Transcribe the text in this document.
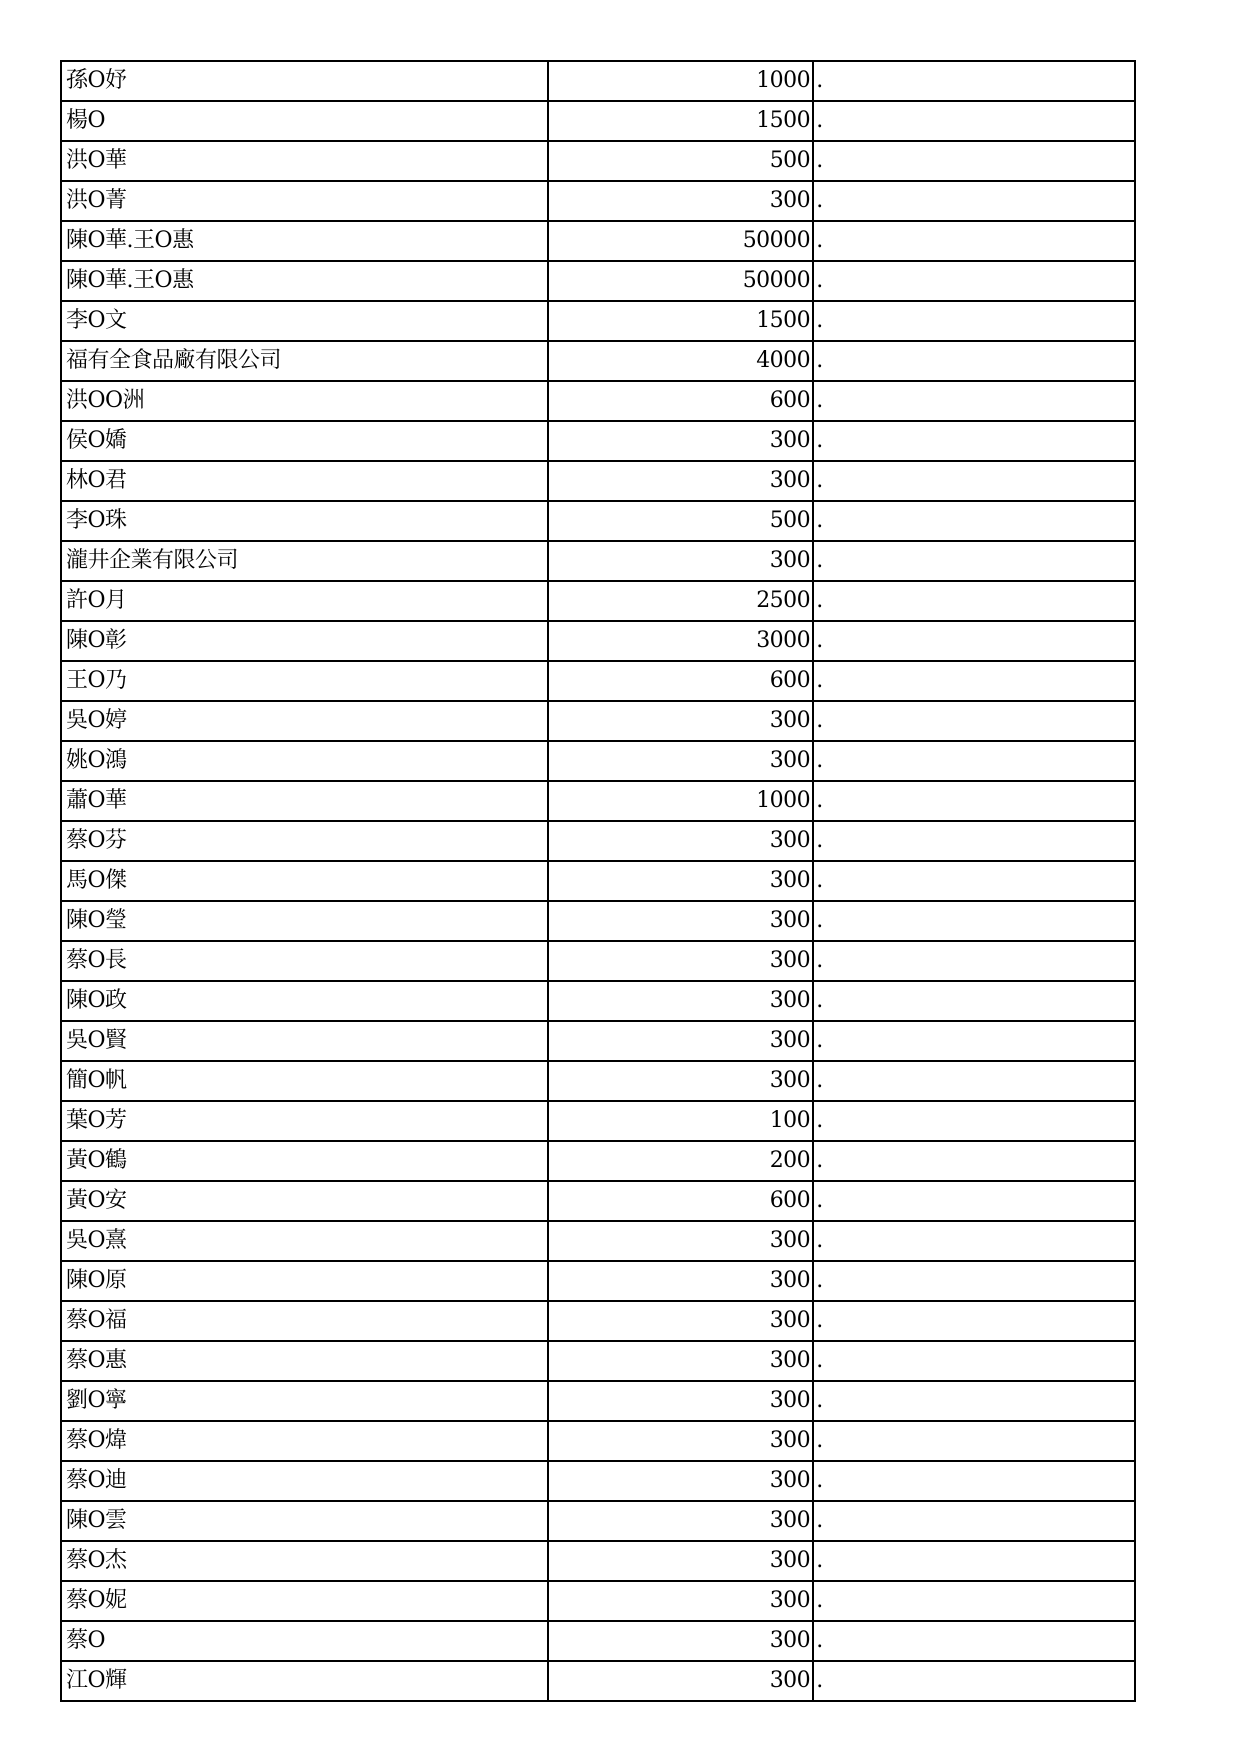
孫O妤	1000	.
楊O	1500	.
洪O華	500	.
洪O菁	300	.
陳O華.王O惠	50000	.
陳O華.王O惠	50000	.
李O文	1500	.
福有全食品廠有限公司	4000	.
洪OO洲	600	.
侯O嬌	300	.
林O君	300	.
李O珠	500	.
瀧井企業有限公司	300	.
許O月	2500	.
陳O彰	3000	.
王O乃	600	.
吳O婷	300	.
姚O鴻	300	.
蕭O華	1000	.
蔡O芬	300	.
馬O傑	300	.
陳O瑩	300	.
蔡O長	300	.
陳O政	300	.
吳O賢	300	.
簡O帆	300	.
葉O芳	100	.
黃O鶴	200	.
黃O安	600	.
吳O熹	300	.
陳O原	300	.
蔡O福	300	.
蔡O惠	300	.
劉O寧	300	.
蔡O煒	300	.
蔡O迪	300	.
陳O雲	300	.
蔡O杰	300	.
蔡O妮	300	.
蔡O	300	.
江O輝	300	.
